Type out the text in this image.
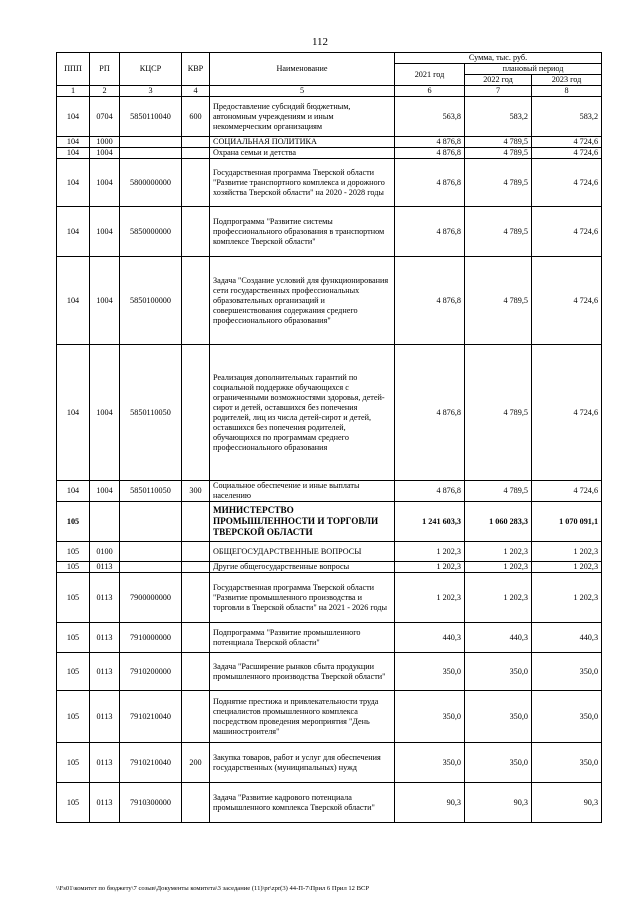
112
ППП	РП	КЦСР	КВР	Наименование	Сумма, тыс. руб.		
					2021 год	плановый период	
						2022 год	2023 год
1	2	3	4	5	6	7	8
104	0704	5850110040	600	Предоставление субсидий бюджетным, автономным учреждениям и иным некоммерческим организациям	563,8	583,2	583,2
104	1000			СОЦИАЛЬНАЯ ПОЛИТИКА	4 876,8	4 789,5	4 724,6
104	1004			Охрана семьи и детства	4 876,8	4 789,5	4 724,6
104	1004	5800000000		Государственная программа Тверской области "Развитие транспортного комплекса и дорожного хозяйства Тверской области" на 2020 - 2028 годы	4 876,8	4 789,5	4 724,6
104	1004	5850000000		Подпрограмма "Развитие системы профессионального образования в транспортном комплексе Тверской области"	4 876,8	4 789,5	4 724,6
104	1004	5850100000		Задача "Создание условий для функционирования сети государственных профессиональных образовательных организаций и совершенствования содержания среднего профессионального образования"	4 876,8	4 789,5	4 724,6
104	1004	5850110050		Реализация дополнительных гарантий по социальной поддержке обучающихся с ограниченными возможностями здоровья, детей-сирот и детей, оставшихся без попечения родителей, лиц из числа детей-сирот и детей, оставшихся без попечения родителей, обучающихся по программам среднего профессионального образования	4 876,8	4 789,5	4 724,6
104	1004	5850110050	300	Социальное обеспечение и иные выплаты населению	4 876,8	4 789,5	4 724,6
105				МИНИСТЕРСТВО ПРОМЫШЛЕННОСТИ И ТОРГОВЛИ ТВЕРСКОЙ ОБЛАСТИ	1 241 603,3	1 060 283,3	1 070 091,1
105	0100			ОБЩЕГОСУДАРСТВЕННЫЕ ВОПРОСЫ	1 202,3	1 202,3	1 202,3
105	0113			Другие общегосударственные вопросы	1 202,3	1 202,3	1 202,3
105	0113	7900000000		Государственная программа Тверской области "Развитие промышленного производства и торговли в Тверской области" на 2021 - 2026 годы	1 202,3	1 202,3	1 202,3
105	0113	7910000000		Подпрограмма "Развитие промышленного потенциала Тверской области"	440,3	440,3	440,3
105	0113	7910200000		Задача "Расширение рынков сбыта продукции промышленного производства Тверской области"	350,0	350,0	350,0
105	0113	7910210040		Поднятие престижа и привлекательности труда специалистов промышленного комплекса посредством проведения мероприятия "День машиностроителя"	350,0	350,0	350,0
105	0113	7910210040	200	Закупка товаров, работ и услуг для обеспечения государственных (муниципальных) нужд	350,0	350,0	350,0
105	0113	7910300000		Задача "Развитие кадрового потенциала промышленного комплекса Тверской области"	90,3	90,3	90,3
\\Fs01\комитет по бюджету\7 созыв\Документы комитета\3 заседание (11)\pr\zpr(3) 44-П-7\Прил 6 Прил 12 ВСР
